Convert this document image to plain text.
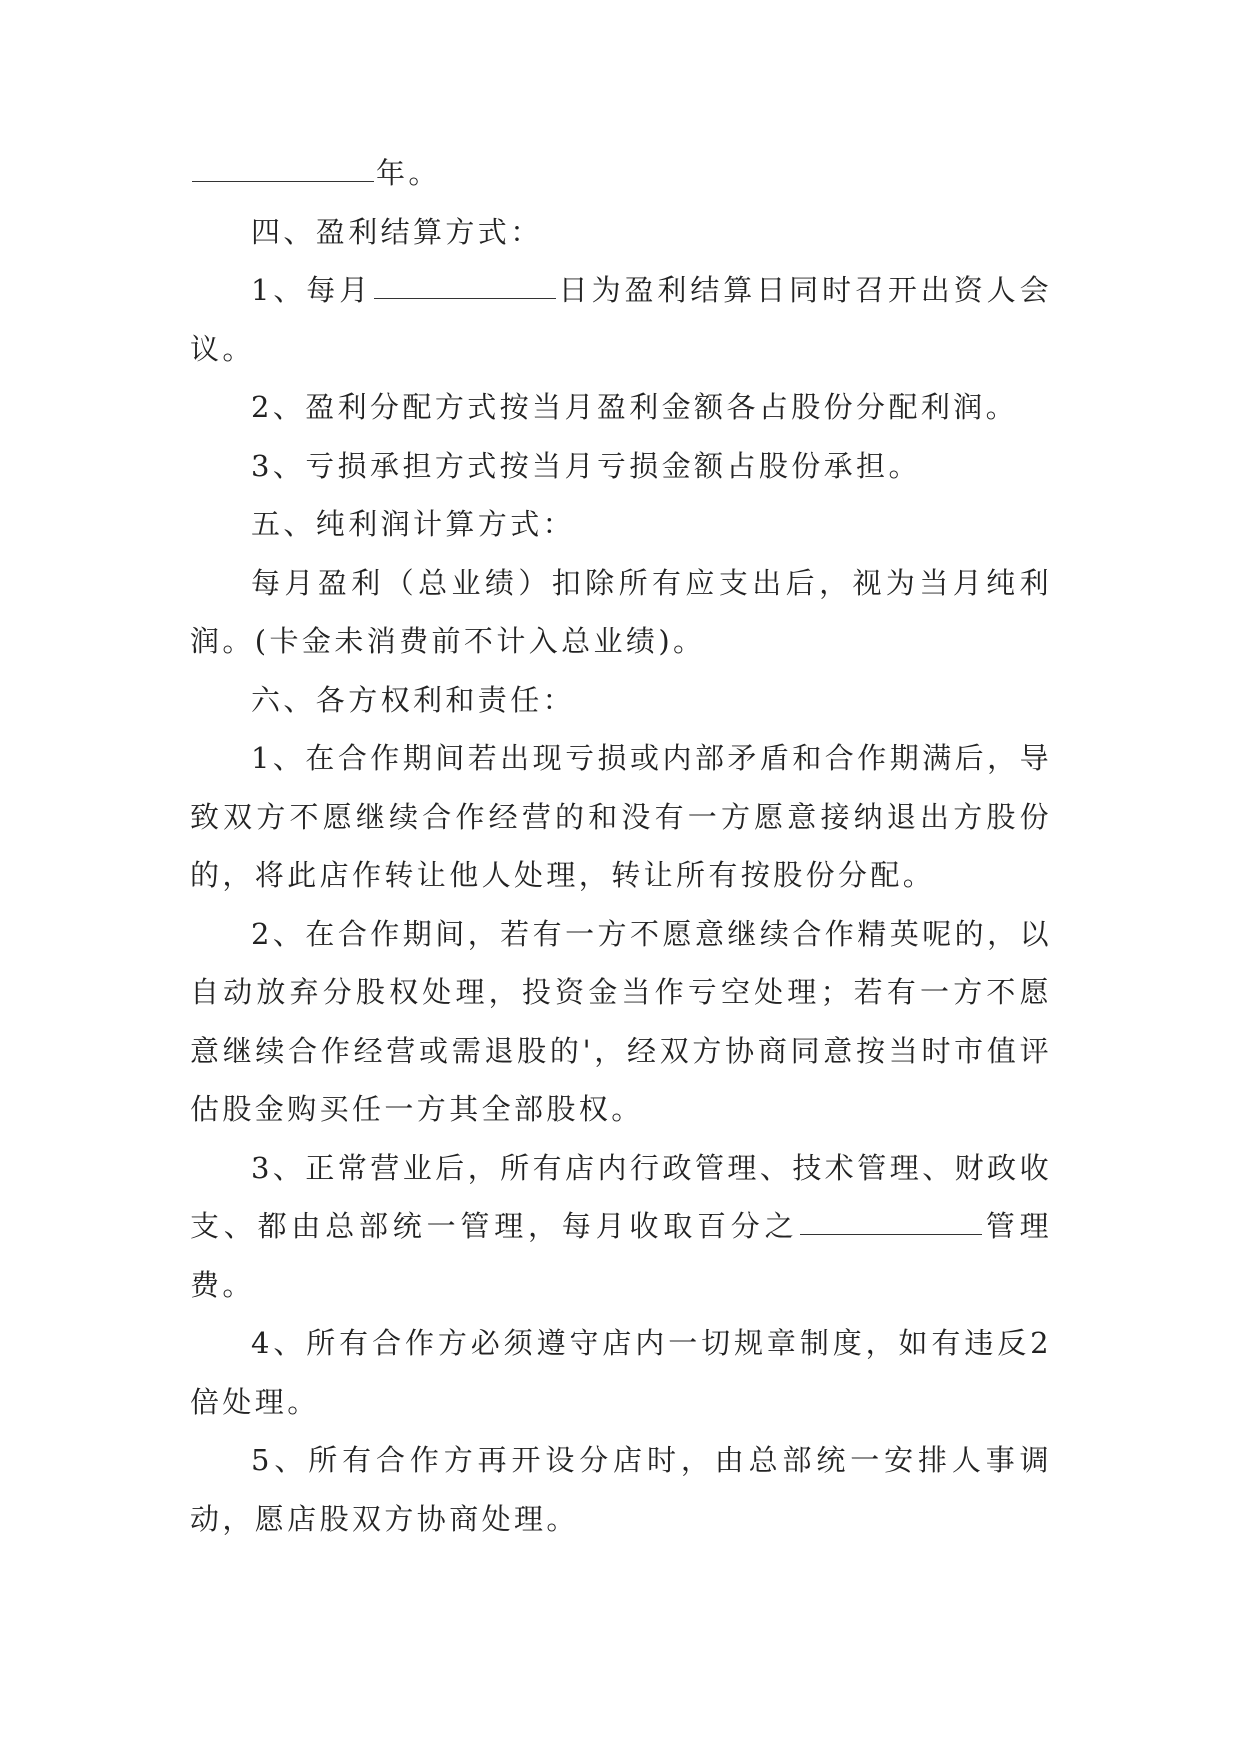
年。

四、盈利结算方式：

1、每月	日为盈利结算日同时召开出资人会议。

2、盈利分配方式按当月盈利金额各占股份分配利润。

3、亏损承担方式按当月亏损金额占股份承担。

五、纯利润计算方式：

每月盈利（总业绩）扣除所有应支出后，视为当月纯利润。(卡金未消费前不计入总业绩)。

六、各方权利和责任：

1、在合作期间若出现亏损或内部矛盾和合作期满后，导致双方不愿继续合作经营的和没有一方愿意接纳退出方股份的，将此店作转让他人处理，转让所有按股份分配。

2、在合作期间，若有一方不愿意继续合作精英呢的，以自动放弃分股权处理，投资金当作亏空处理；若有一方不愿意继续合作经营或需退股的'，经双方协商同意按当时市值评估股金购买任一方其全部股权。

3、正常营业后，所有店内行政管理、技术管理、财政收支、都由总部统一管理，每月收取百分之	管理费。

4、所有合作方必须遵守店内一切规章制度，如有违反2倍处理。

5、所有合作方再开设分店时，由总部统一安排人事调动，愿店股双方协商处理。
